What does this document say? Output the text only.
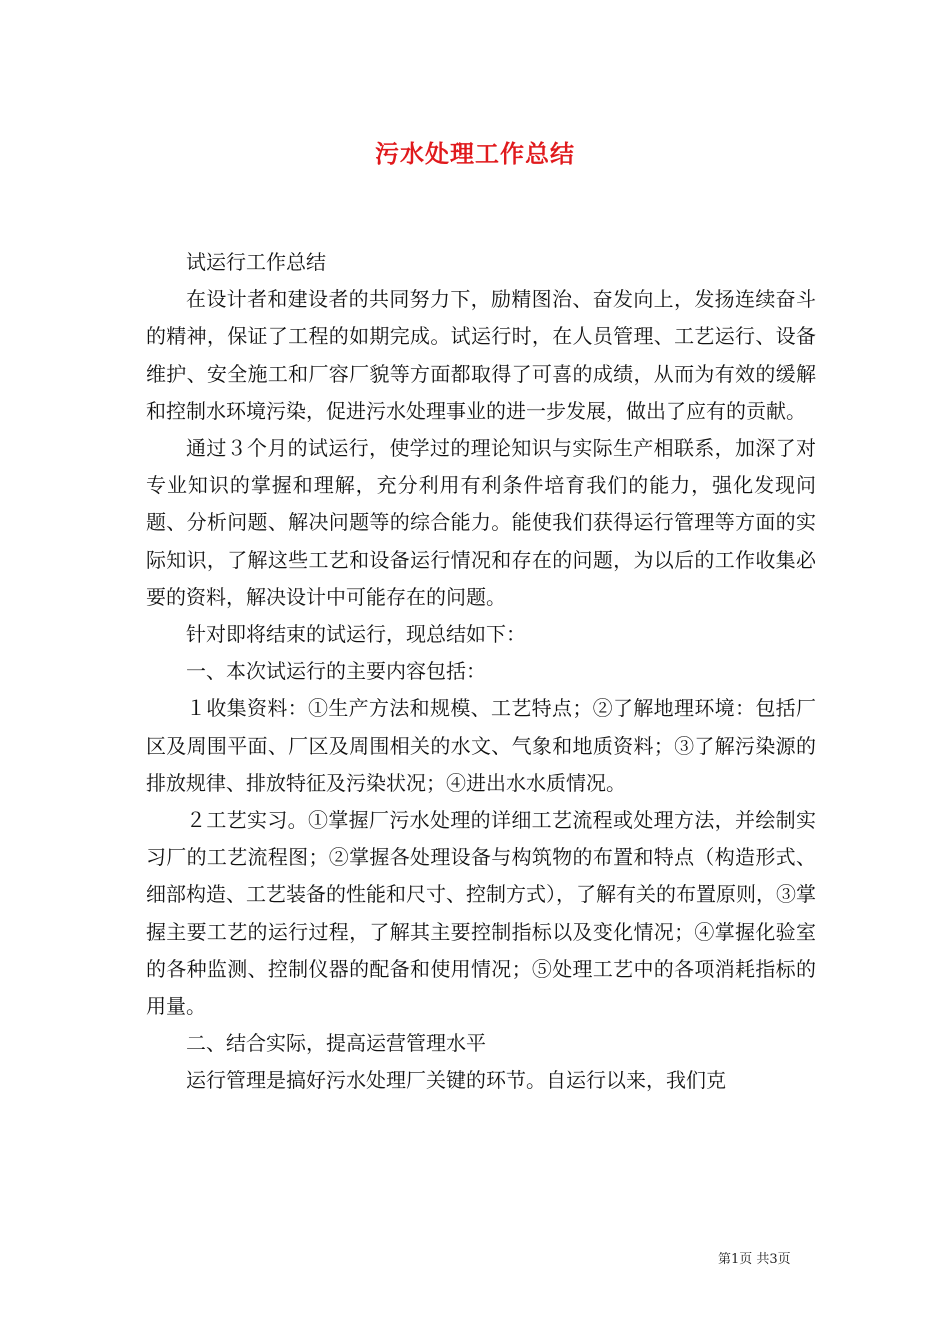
污水处理工作总结

试运行工作总结

在设计者和建设者的共同努力下，励精图治、奋发向上，发扬连续奋斗的精神，保证了工程的如期完成。试运行时，在人员管理、工艺运行、设备维护、安全施工和厂容厂貌等方面都取得了可喜的成绩，从而为有效的缓解和控制水环境污染，促进污水处理事业的进一步发展，做出了应有的贡献。

通过３个月的试运行，使学过的理论知识与实际生产相联系，加深了对专业知识的掌握和理解，充分利用有利条件培育我们的能力，强化发现问题、分析问题、解决问题等的综合能力。能使我们获得运行管理等方面的实际知识，了解这些工艺和设备运行情况和存在的问题，为以后的工作收集必要的资料，解决设计中可能存在的问题。

针对即将结束的试运行，现总结如下：

一、本次试运行的主要内容包括：

１收集资料：①生产方法和规模、工艺特点；②了解地理环境：包括厂区及周围平面、厂区及周围相关的水文、气象和地质资料；③了解污染源的排放规律、排放特征及污染状况；④进出水水质情况。

２工艺实习。①掌握厂污水处理的详细工艺流程或处理方法，并绘制实习厂的工艺流程图；②掌握各处理设备与构筑物的布置和特点（构造形式、细部构造、工艺装备的性能和尺寸、控制方式），了解有关的布置原则，③掌握主要工艺的运行过程，了解其主要控制指标以及变化情况；④掌握化验室的各种监测、控制仪器的配备和使用情况；⑤处理工艺中的各项消耗指标的用量。

二、结合实际，提高运营管理水平

运行管理是搞好污水处理厂关键的环节。自运行以来，我们克

第1页 共3页
